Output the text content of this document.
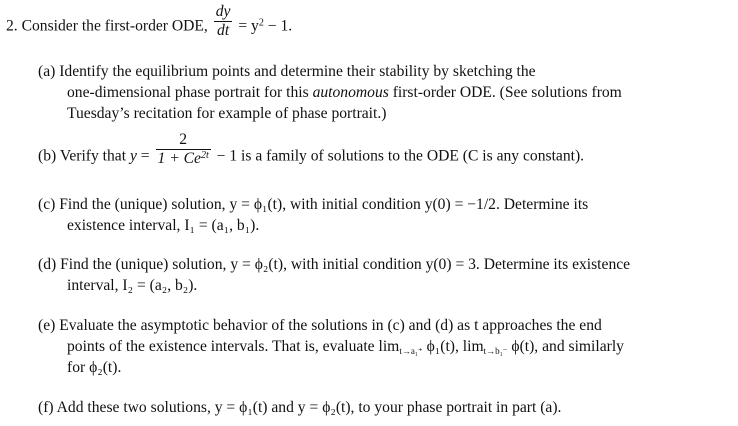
2. Consider the first-order ODE, $\frac{dy}{dt} = y^2 - 1$.
(a) Identify the equilibrium points and determine their stability by sketching the
one-dimensional phase portrait for this autonomous first-order ODE. (See solutions from
Tuesday’s recitation for example of phase portrait.)
(b) Verify that $y = \frac{2}{1 + Ce^{2t}} - 1$ is a family of solutions to the ODE (C is any constant).
(c) Find the (unique) solution, y = ϕ₁(t), with initial condition y(0) = −1/2. Determine its
existence interval, I₁ = (a₁, b₁).
(d) Find the (unique) solution, y = ϕ₂(t), with initial condition y(0) = 3. Determine its existence
interval, I₂ = (a₂, b₂).
(e) Evaluate the asymptotic behavior of the solutions in (c) and (d) as t approaches the end
points of the existence intervals. That is, evaluate $\lim_{t\to a_1^+} \phi_1(t)$, $\lim_{t\to b_1^-} \phi(t)$, and similarly
for ϕ₂(t).
(f) Add these two solutions, y = ϕ₁(t) and y = ϕ₂(t), to your phase portrait in part (a).
